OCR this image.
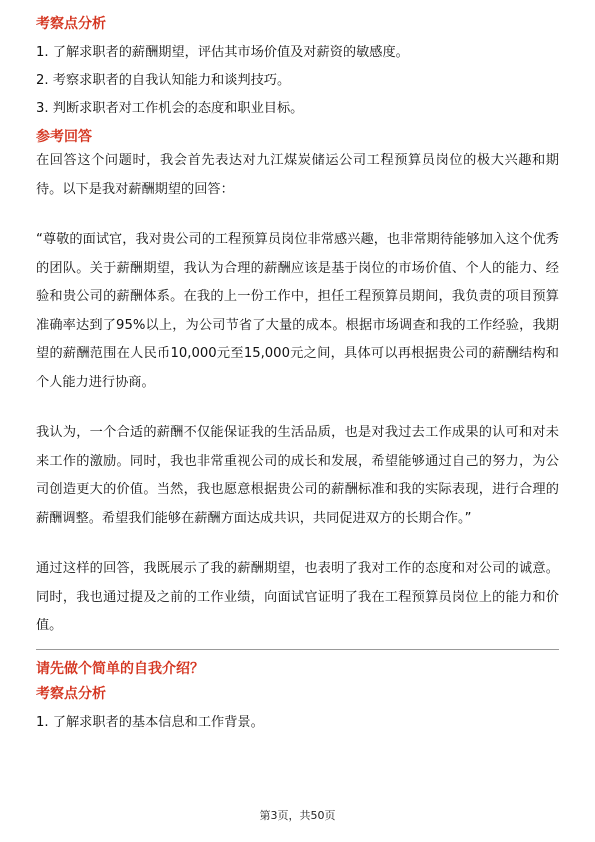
考察点分析

1. 了解求职者的薪酬期望，评估其市场价值及对薪资的敏感度。

2. 考察求职者的自我认知能力和谈判技巧。

3. 判断求职者对工作机会的态度和职业目标。

参考回答

在回答这个问题时，我会首先表达对九江煤炭储运公司工程预算员岗位的极大兴趣和期待。以下是我对薪酬期望的回答：

“尊敬的面试官，我对贵公司的工程预算员岗位非常感兴趣，也非常期待能够加入这个优秀的团队。关于薪酬期望，我认为合理的薪酬应该是基于岗位的市场价值、个人的能力、经验和贵公司的薪酬体系。在我的上一份工作中，担任工程预算员期间，我负责的项目预算准确率达到了95%以上，为公司节省了大量的成本。根据市场调查和我的工作经验，我期望的薪酬范围在人民币10,000元至15,000元之间，具体可以再根据贵公司的薪酬结构和个人能力进行协商。

我认为，一个合适的薪酬不仅能保证我的生活品质，也是对我过去工作成果的认可和对未来工作的激励。同时，我也非常重视公司的成长和发展，希望能够通过自己的努力，为公司创造更大的价值。当然，我也愿意根据贵公司的薪酬标准和我的实际表现，进行合理的薪酬调整。希望我们能够在薪酬方面达成共识，共同促进双方的长期合作。”

通过这样的回答，我既展示了我的薪酬期望，也表明了我对工作的态度和对公司的诚意。同时，我也通过提及之前的工作业绩，向面试官证明了我在工程预算员岗位上的能力和价值。

请先做个简单的自我介绍？

考察点分析

1. 了解求职者的基本信息和工作背景。

第3页，共50页
